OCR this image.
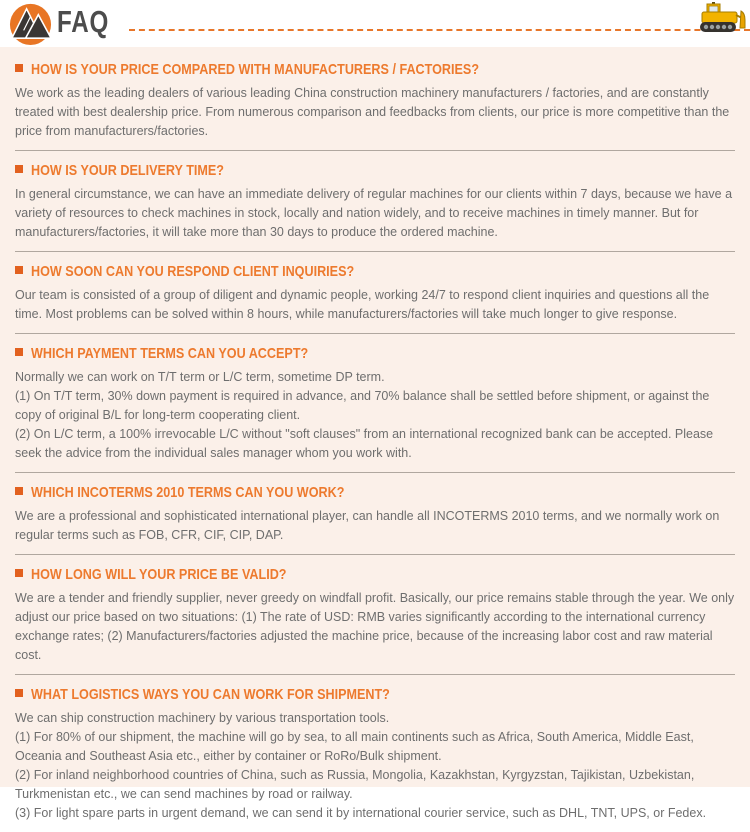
FAQ
HOW IS YOUR PRICE COMPARED WITH MANUFACTURERS / FACTORIES?

We work as the leading dealers of various leading China construction machinery manufacturers / factories, and are constantly treated with best dealership price. From numerous comparison and feedbacks from clients, our price is more competitive than the price from manufacturers/factories.

HOW IS YOUR DELIVERY TIME?

In general circumstance, we can have an immediate delivery of regular machines for our clients within 7 days, because we have a variety of resources to check machines in stock, locally and nation widely, and to receive machines in timely manner. But for manufacturers/factories, it will take more than 30 days to produce the ordered machine.

HOW SOON CAN YOU RESPOND CLIENT INQUIRIES?

Our team is consisted of a group of diligent and dynamic people, working 24/7 to respond client inquiries and questions all the time. Most problems can be solved within 8 hours, while manufacturers/factories will take much longer to give response.

WHICH PAYMENT TERMS CAN YOU ACCEPT?

Normally we can work on T/T term or L/C term, sometime DP term.

(1) On T/T term, 30% down payment is required in advance, and 70% balance shall be settled before shipment, or against the copy of original B/L for long-term cooperating client.

(2) On L/C term, a 100% irrevocable L/C without "soft clauses" from an international recognized bank can be accepted. Please seek the advice from the individual sales manager whom you work with.

WHICH INCOTERMS 2010 TERMS CAN YOU WORK?

We are a professional and sophisticated international player, can handle all INCOTERMS 2010 terms, and we normally work on regular terms such as FOB, CFR, CIF, CIP, DAP.

HOW LONG WILL YOUR PRICE BE VALID?

We are a tender and friendly supplier, never greedy on windfall profit. Basically, our price remains stable through the year. We only adjust our price based on two situations: (1) The rate of USD: RMB varies significantly according to the international currency exchange rates; (2) Manufacturers/factories adjusted the machine price, because of the increasing labor cost and raw material cost.

WHAT LOGISTICS WAYS YOU CAN WORK FOR SHIPMENT?

We can ship construction machinery by various transportation tools.

(1) For 80% of our shipment, the machine will go by sea, to all main continents such as Africa, South America, Middle East, Oceania and Southeast Asia etc., either by container or RoRo/Bulk shipment.

(2) For inland neighborhood countries of China, such as Russia, Mongolia, Kazakhstan, Kyrgyzstan, Tajikistan, Uzbekistan, Turkmenistan etc., we can send machines by road or railway.

(3) For light spare parts in urgent demand, we can send it by international courier service, such as DHL, TNT, UPS, or Fedex.
